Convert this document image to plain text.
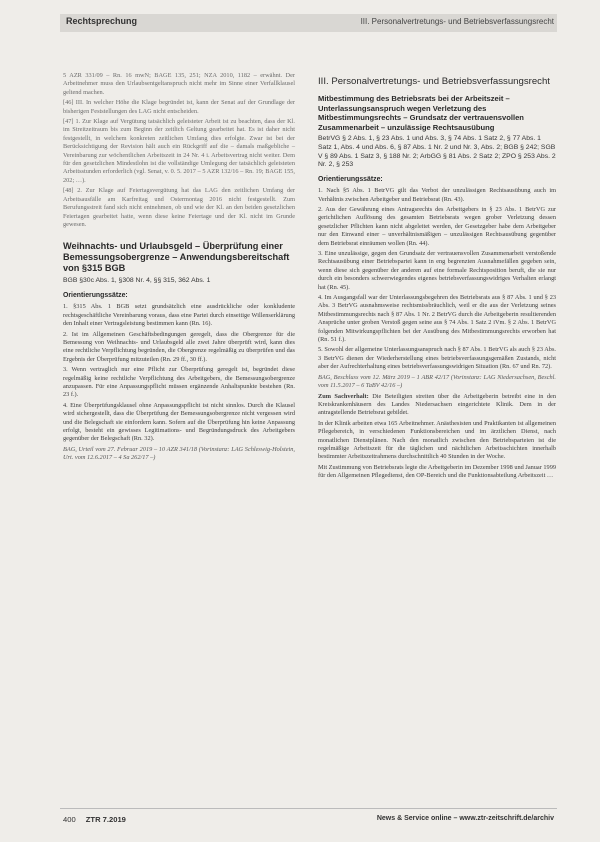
Rechtsprechung	III. Personalvertretungs- und Betriebsverfassungsrecht

5 AZR 331/09 – Rn. 16 mwN; BAGE 135, 251; NZA 2010, 1182 – erwähnt. Der Arbeitnehmer muss den Urlaubsentgeltanspruch nicht mehr im Sinne einer Verfallklausel geltend machen.

[46] III. In welcher Höhe die Klage begründet ist, kann der Senat auf der Grundlage der bisherigen Feststellungen des LAG nicht entscheiden.

[47] 1. Zur Klage auf Vergütung tatsächlich geleisteter Arbeit ist zu beachten, dass der Kl. im Streitzeitraum bis zum Beginn der zeitlich Geltung gearbeitet hat. Es ist daher nicht festgestellt, in welchem konkreten zeitlichen Umfang dies erfolgte. Zwar ist bei der Berücksichtigung der Revision hält auch ein Rückgriff auf die – damals maßgebliche – Vereinbarung zur wöchentlichen Arbeitszeit in 24 Nr. 4 i. Arbeitsvertrag nicht weiter. Dem für den gesetzlichen Mindestlohn ist die vollständige Umlegung der tatsächlich geleisteten Arbeitsstunden erforderlich (vgl. Senat, v. 0. 5. 2017 – 5 AZR 132/16 – Rn. 19; BAGE 155, 202; …).

[48] 2. Zur Klage auf Feiertagsvergütung hat das LAG den zeitlichen Umfang der Arbeitsausfälle am Karfreitag und Ostermontag 2016 nicht festgestellt. Zum Berufungsstreit fand sich nicht entnehmen, ob und wie der Kl. an den beiden gesetzlichen Feiertagen gearbeitet hatte, wenn diese keine Feiertage und der Kl. nicht im Grunde gewesen.

Weihnachts- und Urlaubsgeld – Überprüfung einer Bemessungsobergrenze – Anwendungsbereitschaft von §315 BGB
BGB §30c Abs. 1, §308 Nr. 4, §§ 315, 362 Abs. 1
Orientierungssätze:

1. §315 Abs. 1 BGB setzt grundsätzlich eine ausdrückliche oder konkludente rechtsgeschäftliche Vereinbarung voraus, dass eine Partei durch einseitige Willenserklärung den Inhalt einer Vertragsleistung bestimmen kann (Rn. 16).

2. Ist im Allgemeinen Geschäftsbedingungen geregelt, dass die Obergrenze für die Bemessung von Weihnachts- und Urlaubsgeld alle zwei Jahre überprüft wird, kann dies eine rechtliche Verpflichtung begründen, die Obergrenze regelmäßig zu überprüfen und das Ergebnis der Überprüfung mitzuteilen (Rn. 29 ff., 30 ff.).

3. Wenn vertraglich nur eine Pflicht zur Überprüfung geregelt ist, begründet diese regelmäßig keine rechtliche Verpflichtung des Arbeitgebers, die Bemessungsobergrenze anzupassen. Für eine Anpassungspflicht müssen ergänzende Anhaltspunkte bestehen (Rn. 23 f.).

4. Eine Überprüfungsklausel ohne Anpassungspflicht ist nicht sinnlos. Durch die Klausel wird sichergestellt, dass die Überprüfung der Bemessungsobergrenze nicht vergessen wird und die Belegschaft sie einfordern kann. Sofern auf die Überprüfung hin keine Anpassung erfolgt, besteht ein gewisses Legitimations- und Begründungsdruck des Arbeitgebers gegenüber der Belegschaft (Rn. 32).

BAG, Urteil vom 27. Februar 2019 – 10 AZR 341/18 (Vorinstanz: LAG Schleswig-Holstein, Urt. vom 12.6.2017 – 4 Sa 262/17 –)

III. Personalvertretungs- und Betriebsverfassungsrecht
Mitbestimmung des Betriebsrats bei der Arbeitszeit – Unterlassungsanspruch wegen Verletzung des Mitbestimmungsrechts – Grundsatz der vertrauensvollen Zusammenarbeit – unzulässige Rechtsausübung
BetrVG § 2 Abs. 1, § 23 Abs. 1 und Abs. 3, § 74 Abs. 1 Satz 2, § 77 Abs. 1 Satz 1, Abs. 4 und Abs. 6, § 87 Abs. 1 Nr. 2 und Nr. 3, Abs. 2; BGB § 242; SGB V § 89 Abs. 1 Satz 3, § 188 Nr. 2; ArbGG § 81 Abs. 2 Satz 2; ZPO § 253 Abs. 2 Nr. 2, § 253
Orientierungssätze:

1. Nach §5 Abs. 1 BetrVG gilt das Verbot der unzulässigen Rechtsausübung auch im Verhältnis zwischen Arbeitgeber und Betriebsrat (Rn. 43).

2. Aus der Gewährung eines Antragsrechts des Arbeitgebers in § 23 Abs. 1 BetrVG zur gerichtlichen Auflösung des gesamten Betriebsrats wegen grober Verletzung dessen gesetzlicher Pflichten kann nicht abgeleitet werden, der Gesetzgeber habe dem Arbeitgeber nur den Einwand einer – unverhältnismäßigen – unzulässigen Rechtsausübung gegenüber dem Betriebsrat einräumen wollen (Rn. 44).

3. Eine unzulässige, gegen den Grundsatz der vertrauensvollen Zusammenarbeit verstoßende Rechtsausübung einer Betriebspartei kann in eng begrenzten Ausnahmefällen gegeben sein, wenn diese sich gegenüber der anderen auf eine formale Rechtsposition beruft, die sie nur durch ein besonders schwerwiegendes eigenes betriebsverfassungswidriges Verhalten erlangt hat (Rn. 45).

4. Im Ausgangsfall war der Unterlassungsbegehren des Betriebsrats aus § 87 Abs. 1 und § 23 Abs. 3 BetrVG ausnahmsweise rechtsmissbräuchlich, weil er die aus der Verletzung seines Mitbestimmungsrechts nach § 87 Abs. 1 Nr. 2 BetrVG durch die Arbeitgeberin resultierenden Ansprüche unter groben Verstoß gegen seine aus § 74 Abs. 1 Satz 2 iVm. § 2 Abs. 1 BetrVG folgenden Mitwirkungspflichten bei der Ausübung des Mitbestimmungsrechts erworben hat (Rn. 51 f.).

5. Sowohl der allgemeine Unterlassungsanspruch nach § 87 Abs. 1 BetrVG als auch § 23 Abs. 3 BetrVG dienen der Wiederherstellung eines betriebsverfassungsgemäßen Zustands, nicht aber der Aufrechterhaltung eines betriebsverfassungswidrigen Situation (Rn. 67 und Rn. 72).

BAG, Beschluss vom 12. März 2019 – 1 ABR 42/17 (Vorinstanz: LAG Niedersachsen, Beschl. vom 11.5.2017 – 6 TaBV 42/16 –)

Zum Sachverhalt: Die Beteiligten streiten über die Arbeitgeberin betreibt eine in den Kreiskrankenhäusern des Landes Niedersachsen eingerichtete Klinik. Dem in der antragstellende Betriebsrat gebildet.

In der Klinik arbeiten etwa 165 Arbeitnehmer. Anästhesisten und Praktikanten ist allgemeinen Pflegebereich, in verschiedenen Funktionsbereichen und im ärztlichen Dienst, nach monatlichen Dienstplänen. Nach den monatlich zwischen den Betriebsparteien ist die regelmäßige Arbeitszeit für die täglichen und nächtlichen Arbeitsschichten innerhalb bestimmter Arbeitszeitrahmens durchschnittlich 40 Stunden in der Woche.

Mit Zustimmung von Betriebsrats legte die Arbeitgeberin im Dezember 1998 und Januar 1999 für den Allgemeinen Pflegedienst, den OP-Bereich und die Funktionsabteilung Arbeitszeit …

400 ZTR 7.2019	News & Service online – www.ztr-zeitschrift.de/archiv
